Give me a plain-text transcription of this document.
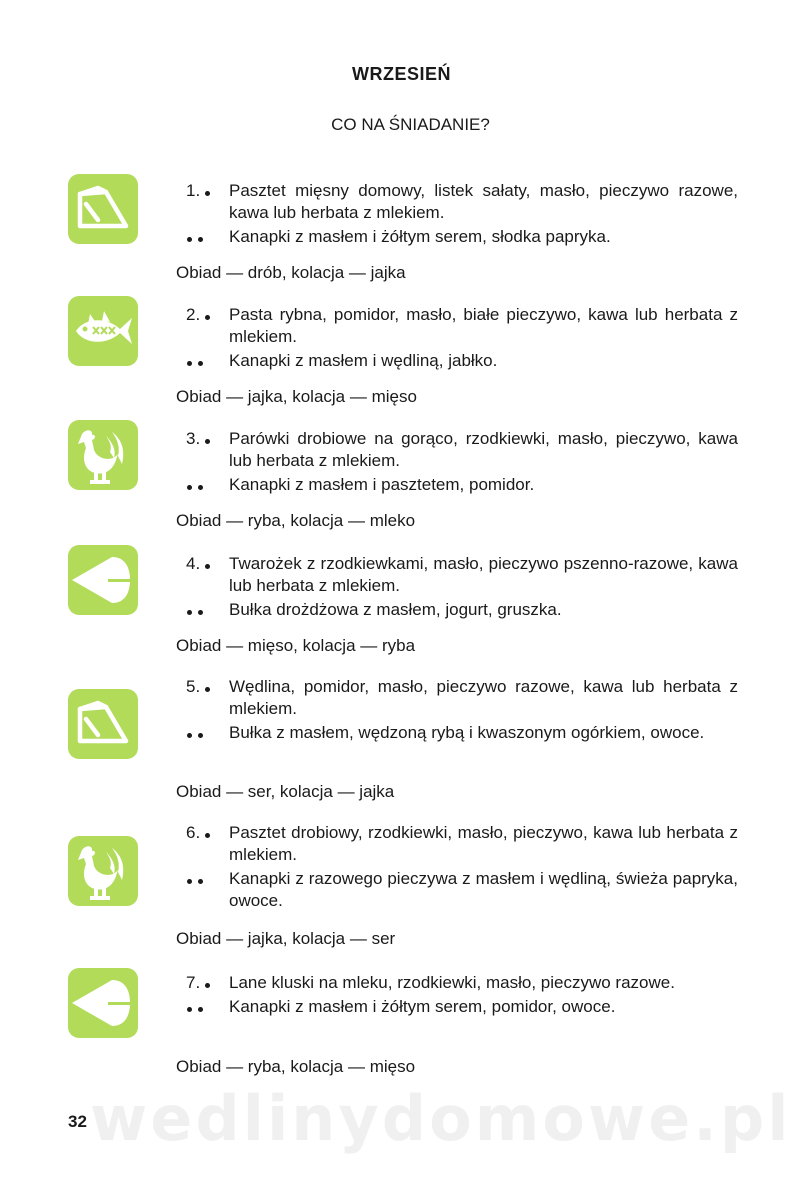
wedlinydomowe.pl
WRZESIEŃ
CO NA ŚNIADANIE?
1.	Pasztet mięsny domowy, listek sałaty, masło, pieczywo razowe, kawa lub herbata z mlekiem.
Kanapki z masłem i żółtym serem, słodka papryka.
Obiad — drób, kolacja — jajka
2.	Pasta rybna, pomidor, masło, białe pieczywo, kawa lub herbata z mlekiem.
Kanapki z masłem i wędliną, jabłko.
Obiad — jajka, kolacja — mięso
3.	Parówki drobiowe na gorąco, rzodkiewki, masło, pieczywo, kawa lub herbata z mlekiem.
Kanapki z masłem i pasztetem, pomidor.
Obiad — ryba, kolacja — mleko
4.	Twarożek z rzodkiewkami, masło, pieczywo pszenno-razowe, kawa lub herbata z mlekiem.
Bułka drożdżowa z masłem, jogurt, gruszka.
Obiad — mięso, kolacja — ryba
5.	Wędlina, pomidor, masło, pieczywo razowe, kawa lub herbata z mlekiem.
Bułka z masłem, wędzoną rybą i kwaszonym ogórkiem, owoce.
Obiad — ser, kolacja — jajka
6.	Pasztet drobiowy, rzodkiewki, masło, pieczywo, kawa lub herbata z mlekiem.
Kanapki z razowego pieczywa z masłem i wędliną, świeża papryka, owoce.
Obiad — jajka, kolacja — ser
7.	Lane kluski na mleku, rzodkiewki, masło, pieczywo razowe.
Kanapki z masłem i żółtym serem, pomidor, owoce.
Obiad — ryba, kolacja — mięso
32
